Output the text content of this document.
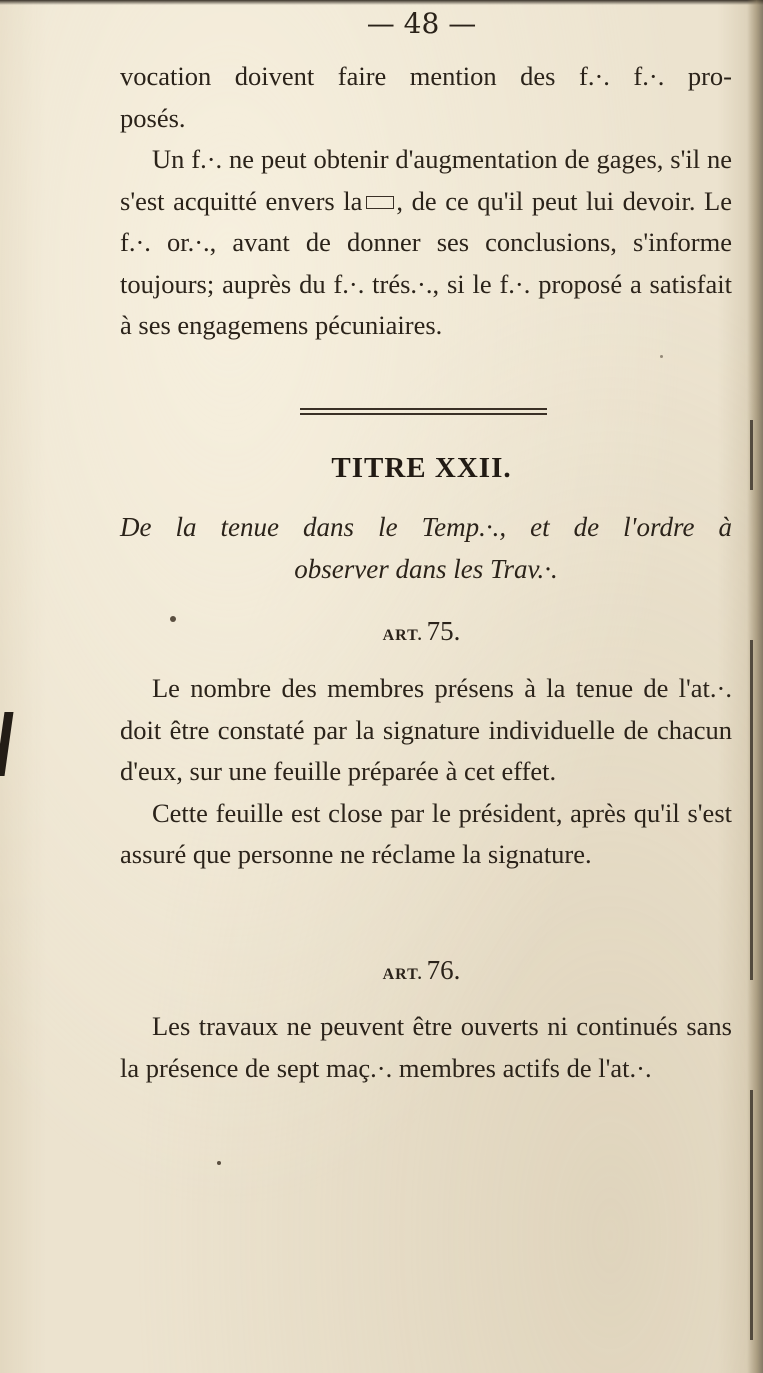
— 48 —

vocation doivent faire mention des f.·. f.·. pro-

posés.

Un f.·. ne peut obtenir d'augmentation de gages, s'il ne s'est acquitté envers la , de ce qu'il peut lui devoir. Le f.·. or.·., avant de donner ses conclusions, s'informe toujours; auprès du f.·. trés.·., si le f.·. proposé a satisfait à ses engagemens pécuniaires.

TITRE XXII.
De la tenue dans le Temp.·., et de l'ordre à
observer dans les Trav.·.
ART. 75.

Le nombre des membres présens à la tenue de l'at.·. doit être constaté par la signature individuelle de chacun d'eux, sur une feuille préparée à cet effet.

Cette feuille est close par le président, après qu'il s'est assuré que personne ne réclame la signature.

ART. 76.

Les travaux ne peuvent être ouverts ni continués sans la présence de sept maç.·. membres actifs de l'at.·.
